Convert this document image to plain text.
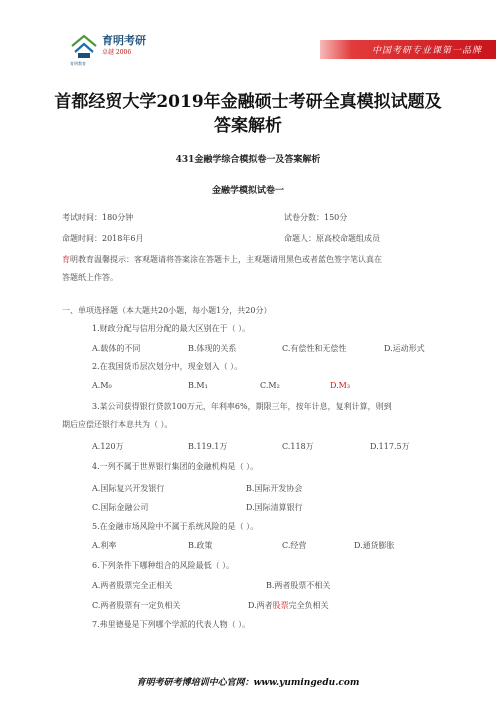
育明考研
卓越 2006
育明教育
中国考研专业课第一品牌
首都经贸大学2019年金融硕士考研全真模拟试题及
答案解析
431金融学综合模拟卷一及答案解析
金融学模拟试卷一
考试时间：180分钟	试卷分数：150分
命题时间：2018年6月	命题人：原高校命题组成员
育明教育温馨提示：客观题请将答案涂在答题卡上，主观题请用黑色或者蓝色签字笔认真在
答题纸上作答。
一、单项选择题（本大题共20小题，每小题1分，共20分）
1.财政分配与信用分配的最大区别在于（ ）。
A.载体的不同	B.体现的关系	C.有偿性和无偿性	D.运动形式
2.在我国货币层次划分中，现金划入（ ）。
A.M₀	B.M₁	C.M₂	D.M₃
3.某公司获得银行贷款100万元，年利率6%，期限三年，按年计息，复利计算，则到
期后应偿还银行本息共为（ ）。
A.120万	B.119.1万	C.118万	D.117.5万
4.一列不属于世界银行集团的金融机构是（ ）。
A.国际复兴开发银行	B.国际开发协会
C.国际金融公司	D.国际清算银行
5.在金融市场风险中不属于系统风险的是（ ）。
A.利率	B.政策	C.经营	D.通货膨胀
6.下列条件下哪种组合的风险最低（ ）。
A.两者股票完全正相关	B.两者股票不相关
C.两者股票有一定负相关	D.两者股票完全负相关
7.弗里德曼是下列哪个学派的代表人物（ ）。
育明考研考博培训中心官网：www.yumingedu.com
